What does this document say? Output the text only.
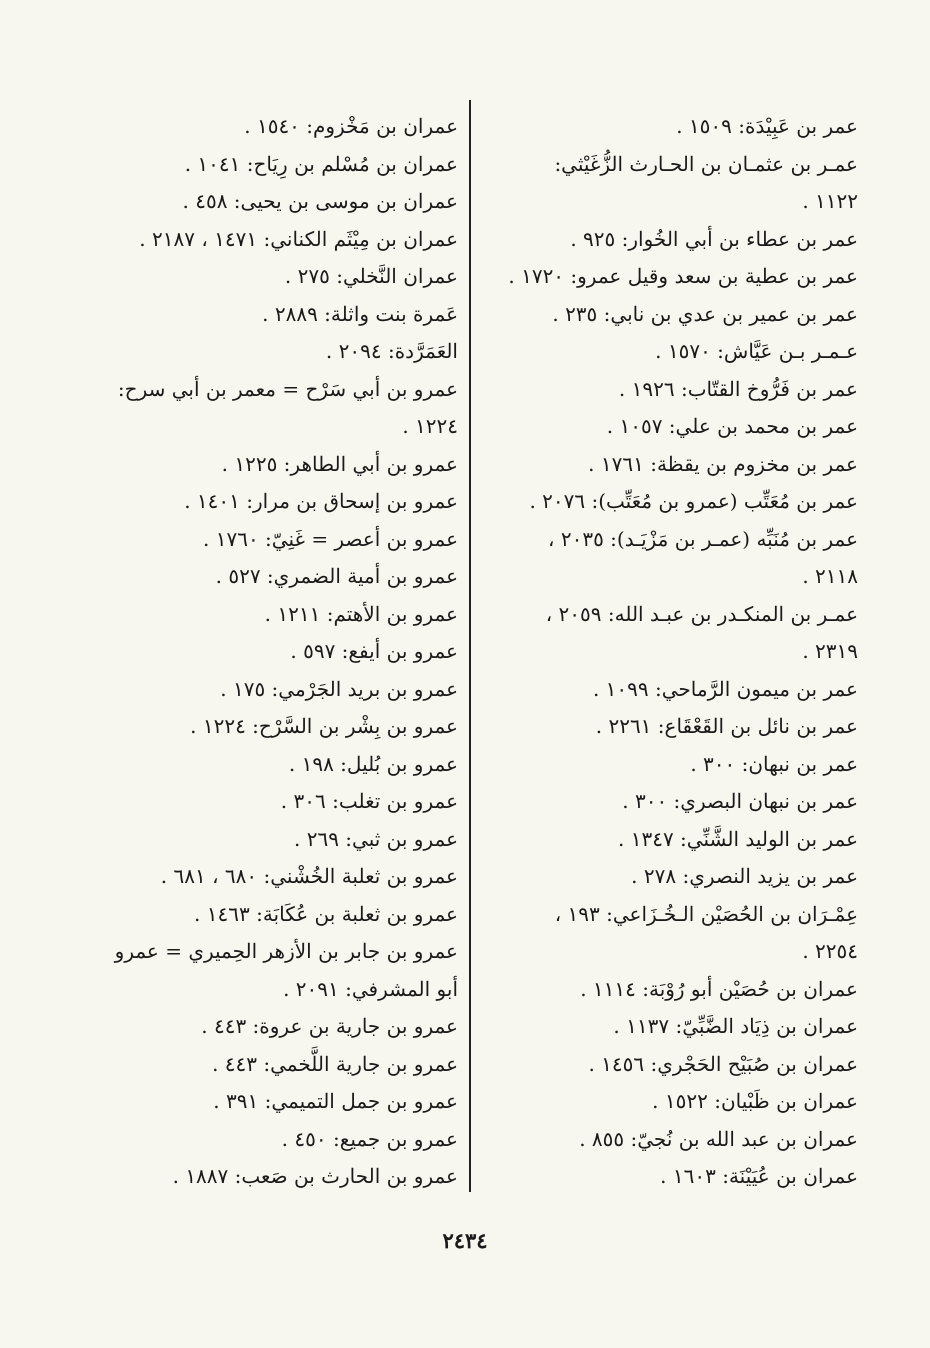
عمر بن عَبِيْدَة: ١٥٠٩ .
عمـر بن عثمـان بن الحـارث الزُّغَيْثي:
١١٢٢ .
عمر بن عطاء بن أبي الخُوار: ٩٢٥ .
عمر بن عطية بن سعد وقيل عمرو: ١٧٢٠ .
عمر بن عمير بن عدي بن نابي: ٢٣٥ .
عـمـر بـن عَيَّاش: ١٥٧٠ .
عمر بن فَرُّوخ القتّاب: ١٩٢٦ .
عمر بن محمد بن علي: ١٠٥٧ .
عمر بن مخزوم بن يقظة: ١٧٦١ .
عمر بن مُعَتِّب (عمرو بن مُعَتِّب): ٢٠٧٦ .
عمر بن مُنَبِّه (عمـر بن مَزْيَـد): ٢٠٣٥ ،
٢١١٨ .
عمـر بن المنكـدر بن عبـد الله: ٢٠٥٩ ،
٢٣١٩ .
عمر بن ميمون الرَّماحي: ١٠٩٩ .
عمر بن نائل بن القَعْقَاع: ٢٢٦١ .
عمر بن نبهان: ٣٠٠ .
عمر بن نبهان البصري: ٣٠٠ .
عمر بن الوليد الشَّنِّي: ١٣٤٧ .
عمر بن يزيد النصري: ٢٧٨ .
عِمْـرَان بن الحُصَيْن الـخُـزَاعي: ١٩٣ ،
٢٢٥٤ .
عمران بن حُصَيْن أبو رُوْبَة: ١١١٤ .
عمران بن ذِيَاد الضَّبِّيّ: ١١٣٧ .
عمران بن صُبَيْح الحَجْري: ١٤٥٦ .
عمران بن ظَبْيان: ١٥٢٢ .
عمران بن عبد الله بن نُجيّ: ٨٥٥ .
عمران بن عُيَيْنَة: ١٦٠٣ .
عمران بن مَخْزوم: ١٥٤٠ .
عمران بن مُسْلم بن رِيَاح: ١٠٤١ .
عمران بن موسى بن يحيى: ٤٥٨ .
عمران بن مِيْثَم الكناني: ١٤٧١ ، ٢١٨٧ .
عمران النَّخلي: ٢٧٥ .
عَمرة بنت واثلة: ٢٨٨٩ .
العَمَرَّدة: ٢٠٩٤ .
عمرو بن أبي سَرْح = معمر بن أبي سرح:
١٢٢٤ .
عمرو بن أبي الطاهر: ١٢٢٥ .
عمرو بن إسحاق بن مرار: ١٤٠١ .
عمرو بن أعصر = غَنِيّ: ١٧٦٠ .
عمرو بن أمية الضمري: ٥٢٧ .
عمرو بن الأهتم: ١٢١١ .
عمرو بن أيفع: ٥٩٧ .
عمرو بن بريد الجَرْمي: ١٧٥ .
عمرو بن بِشْر بن السَّرْح: ١٢٢٤ .
عمرو بن بُليل: ١٩٨ .
عمرو بن تغلب: ٣٠٦ .
عمرو بن ثبي: ٢٦٩ .
عمرو بن ثعلبة الخُشْني: ٦٨٠ ، ٦٨١ .
عمرو بن ثعلبة بن عُكَابَة: ١٤٦٣ .
عمرو بن جابر بن الأزهر الحِميري = عمرو
أبو المشرفي: ٢٠٩١ .
عمرو بن جارية بن عروة: ٤٤٣ .
عمرو بن جارية اللَّخمي: ٤٤٣ .
عمرو بن جمل التميمي: ٣٩١ .
عمرو بن جميع: ٤٥٠ .
عمرو بن الحارث بن صَعب: ١٨٨٧ .
٢٤٣٤
